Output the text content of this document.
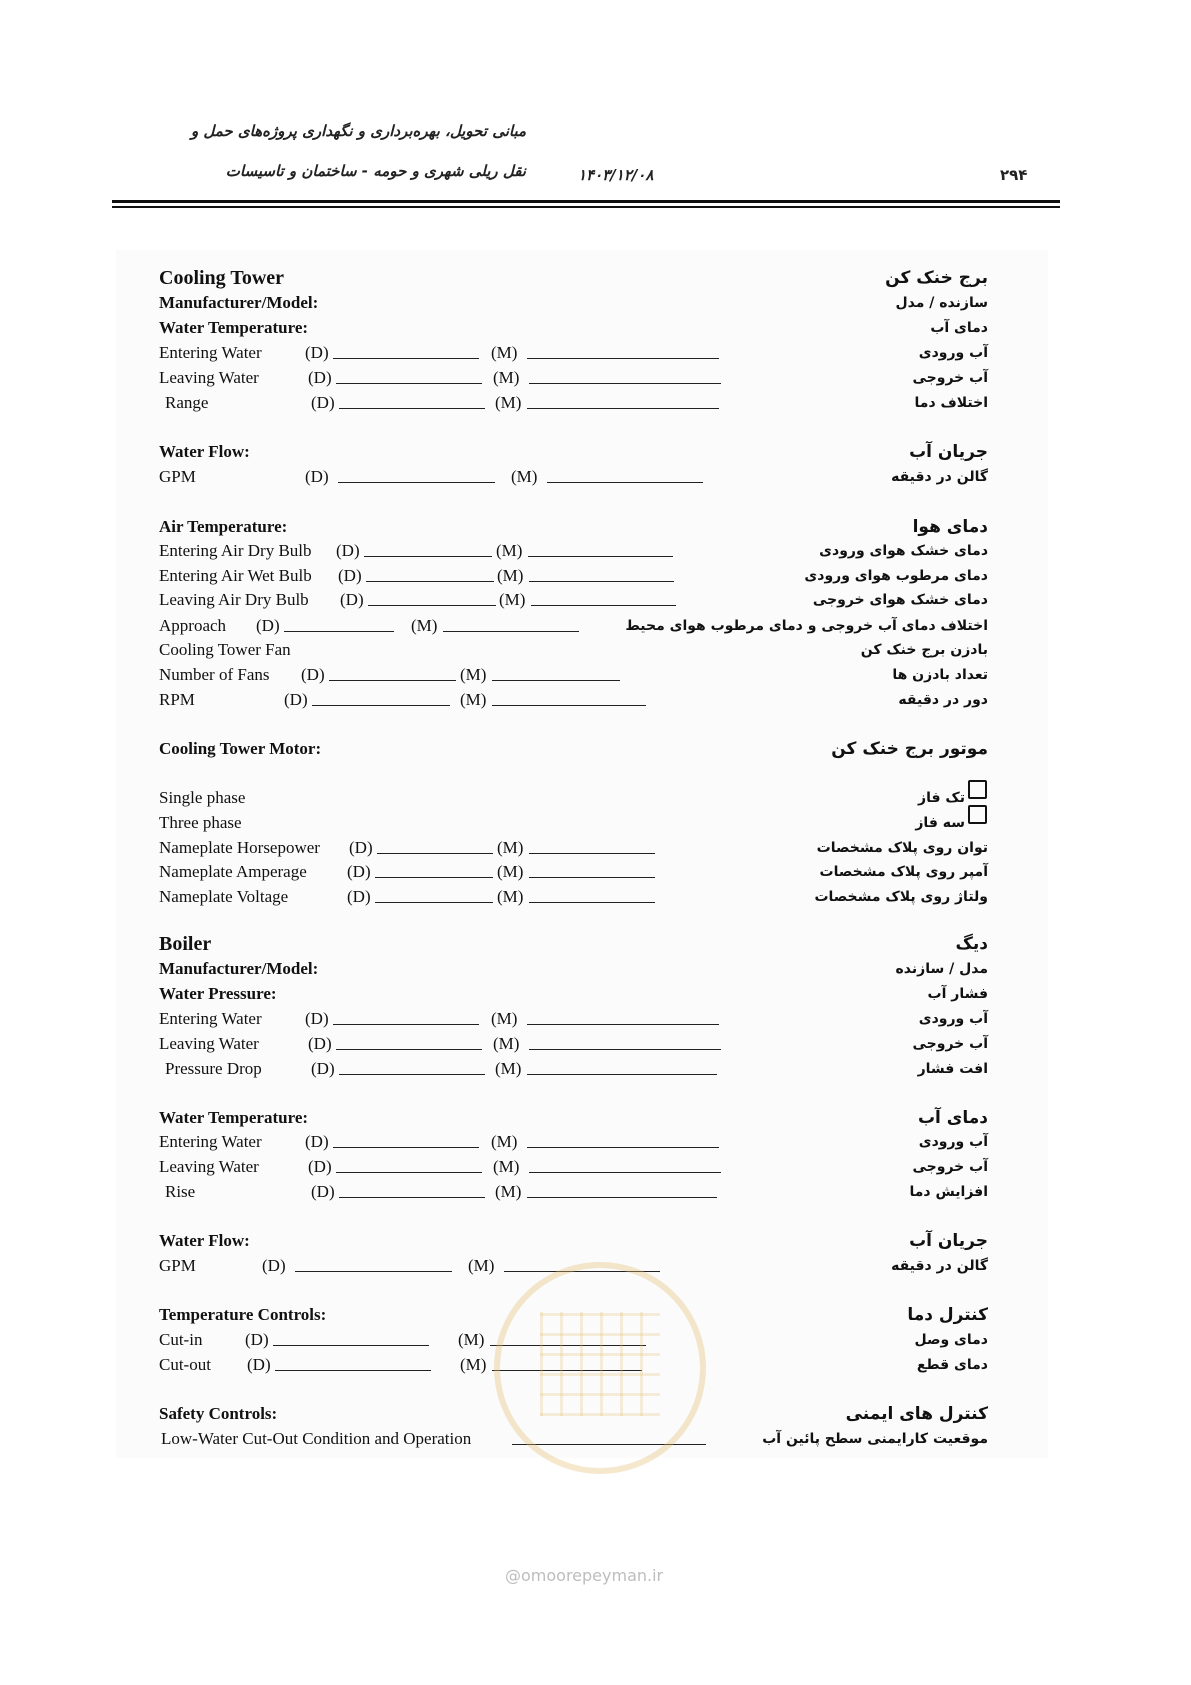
مبانی تحویل، بهره‌برداری و نگهداری پروژه‌های حمل و
نقل ریلی شهری و حومه - ساختمان و تاسیسات	۱۴۰۳/۱۲/۰۸	۲۹۴
Cooling Tower	برج خنک کن
Manufacturer/Model:	سازنده / مدل
Water Temperature:	دمای آب
Entering Water	(D)	(M)	آب ورودی
Leaving Water	(D)	(M)	آب خروجی
Range	(D)	(M)	اختلاف دما
Water Flow:	جریان آب
GPM	(D)	(M)	گالن در دقیقه
Air Temperature:	دمای هوا
Entering Air Dry Bulb (D)	(M)	دمای خشک هوای ورودی
Entering Air Wet Bulb (D)	(M)	دمای مرطوب هوای ورودی
Leaving Air Dry Bulb (D)	(M)	دمای خشک هوای خروجی
Approach (D)	(M)	اختلاف دمای آب خروجی و دمای مرطوب هوای محیط
Cooling Tower Fan	بادزن برج خنک کن
Number of Fans (D)	(M)	تعداد بادزن ها
RPM	(D)	(M)	دور در دقیقه
Cooling Tower Motor:	موتور برج خنک کن
Single phase	تک فاز
Three phase	سه فاز
Nameplate Horsepower (D)	(M)	توان روی پلاک مشخصات
Nameplate Amperage (D)	(M)	آمپر روی پلاک مشخصات
Nameplate Voltage	(D)	(M)	ولتاژ روی پلاک مشخصات
Boiler	دیگ
Manufacturer/Model:	مدل / سازنده
Water Pressure:	فشار آب
Entering Water	(D)	(M)	آب ورودی
Leaving Water	(D)	(M)	آب خروجی
Pressure Drop	(D)	(M)	افت فشار
Water Temperature:	دمای آب
Entering Water	(D)	(M)	آب ورودی
Leaving Water	(D)	(M)	آب خروجی
Rise	(D)	(M)	افزایش دما
Water Flow:	جریان آب
GPM	(D)	(M)	گالن در دقیقه
Temperature Controls:	کنترل دما
Cut-in	(D)	(M)	دمای وصل
Cut-out (D)	(M)	دمای قطع
Safety Controls:	کنترل های ایمنی
Low-Water Cut-Out Condition and Operation	موقعیت کارایمنی سطح پائین آب
@omoorepeyman.ir
